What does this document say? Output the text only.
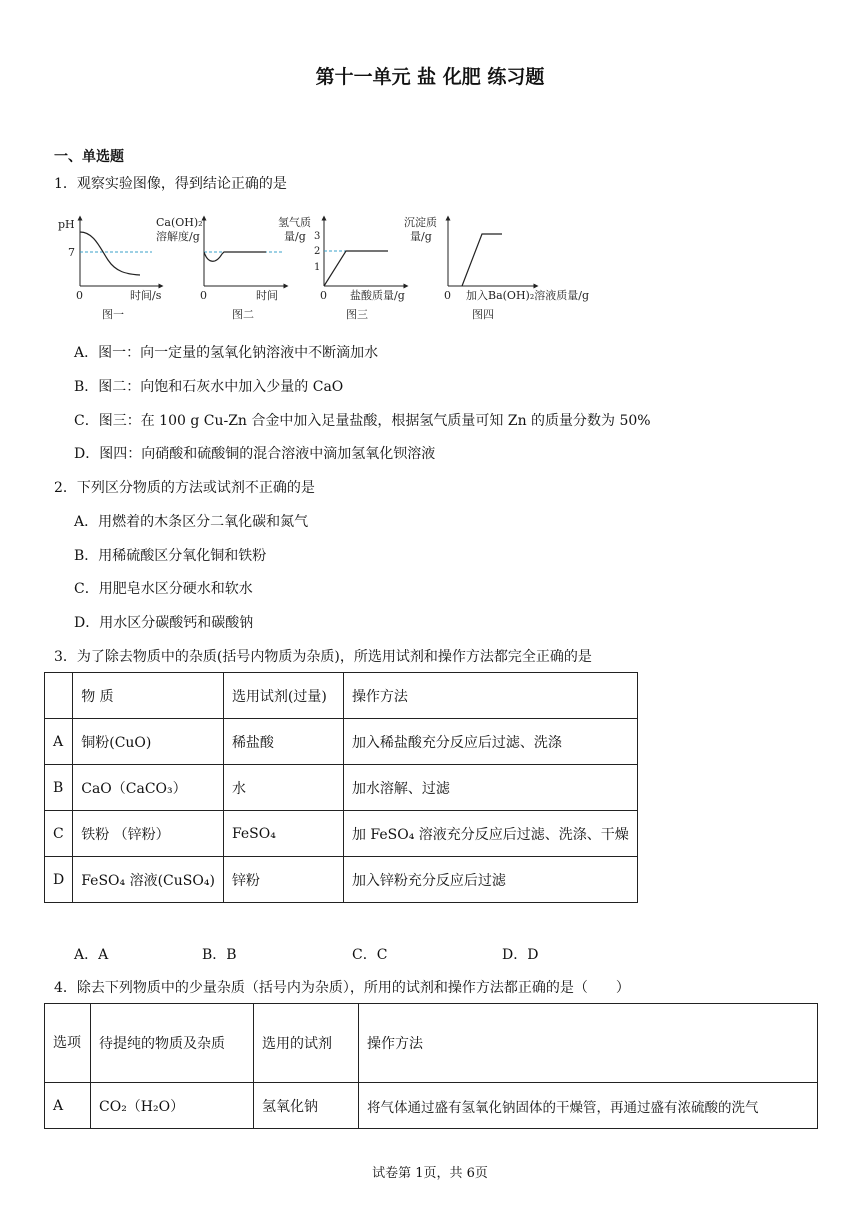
第十一单元 盐 化肥 练习题
一、单选题
1．观察实验图像，得到结论正确的是
pH
7
0	时间/s
图一
Ca(OH)₂
溶解度/g
0	时间
图二
氢气质
量/g 3
2
1
0 盐酸质量/g
图三
沉淀质
量/g
0 加入Ba(OH)₂溶液质量/g
图四
A．图一：向一定量的氢氧化钠溶液中不断滴加水
B．图二：向饱和石灰水中加入少量的 CaO
C．图三：在 100 g Cu-Zn 合金中加入足量盐酸，根据氢气质量可知 Zn 的质量分数为 50%
D．图四：向硝酸和硫酸铜的混合溶液中滴加氢氧化钡溶液
2．下列区分物质的方法或试剂不正确的是
A．用燃着的木条区分二氧化碳和氮气
B．用稀硫酸区分氧化铜和铁粉
C．用肥皂水区分硬水和软水
D．用水区分碳酸钙和碳酸钠
3．为了除去物质中的杂质(括号内物质为杂质)，所选用试剂和操作方法都完全正确的是
	物 质	选用试剂(过量)	操作方法
A	铜粉(CuO)	稀盐酸	加入稀盐酸充分反应后过滤、洗涤
B	CaO（CaCO₃）	水	加水溶解、过滤
C	铁粉 （锌粉）	FeSO₄	加 FeSO₄ 溶液充分反应后过滤、洗涤、干燥
D	FeSO₄ 溶液(CuSO₄)	锌粉	加入锌粉充分反应后过滤
A．A	B．B	C．C	D．D
4．除去下列物质中的少量杂质（括号内为杂质），所用的试剂和操作方法都正确的是（　　）
选项	待提纯的物质及杂质	选用的试剂	操作方法
A	CO₂（H₂O）	氢氧化钠	将气体通过盛有氢氧化钠固体的干燥管，再通过盛有浓硫酸的洗气
试卷第 1页，共 6页
